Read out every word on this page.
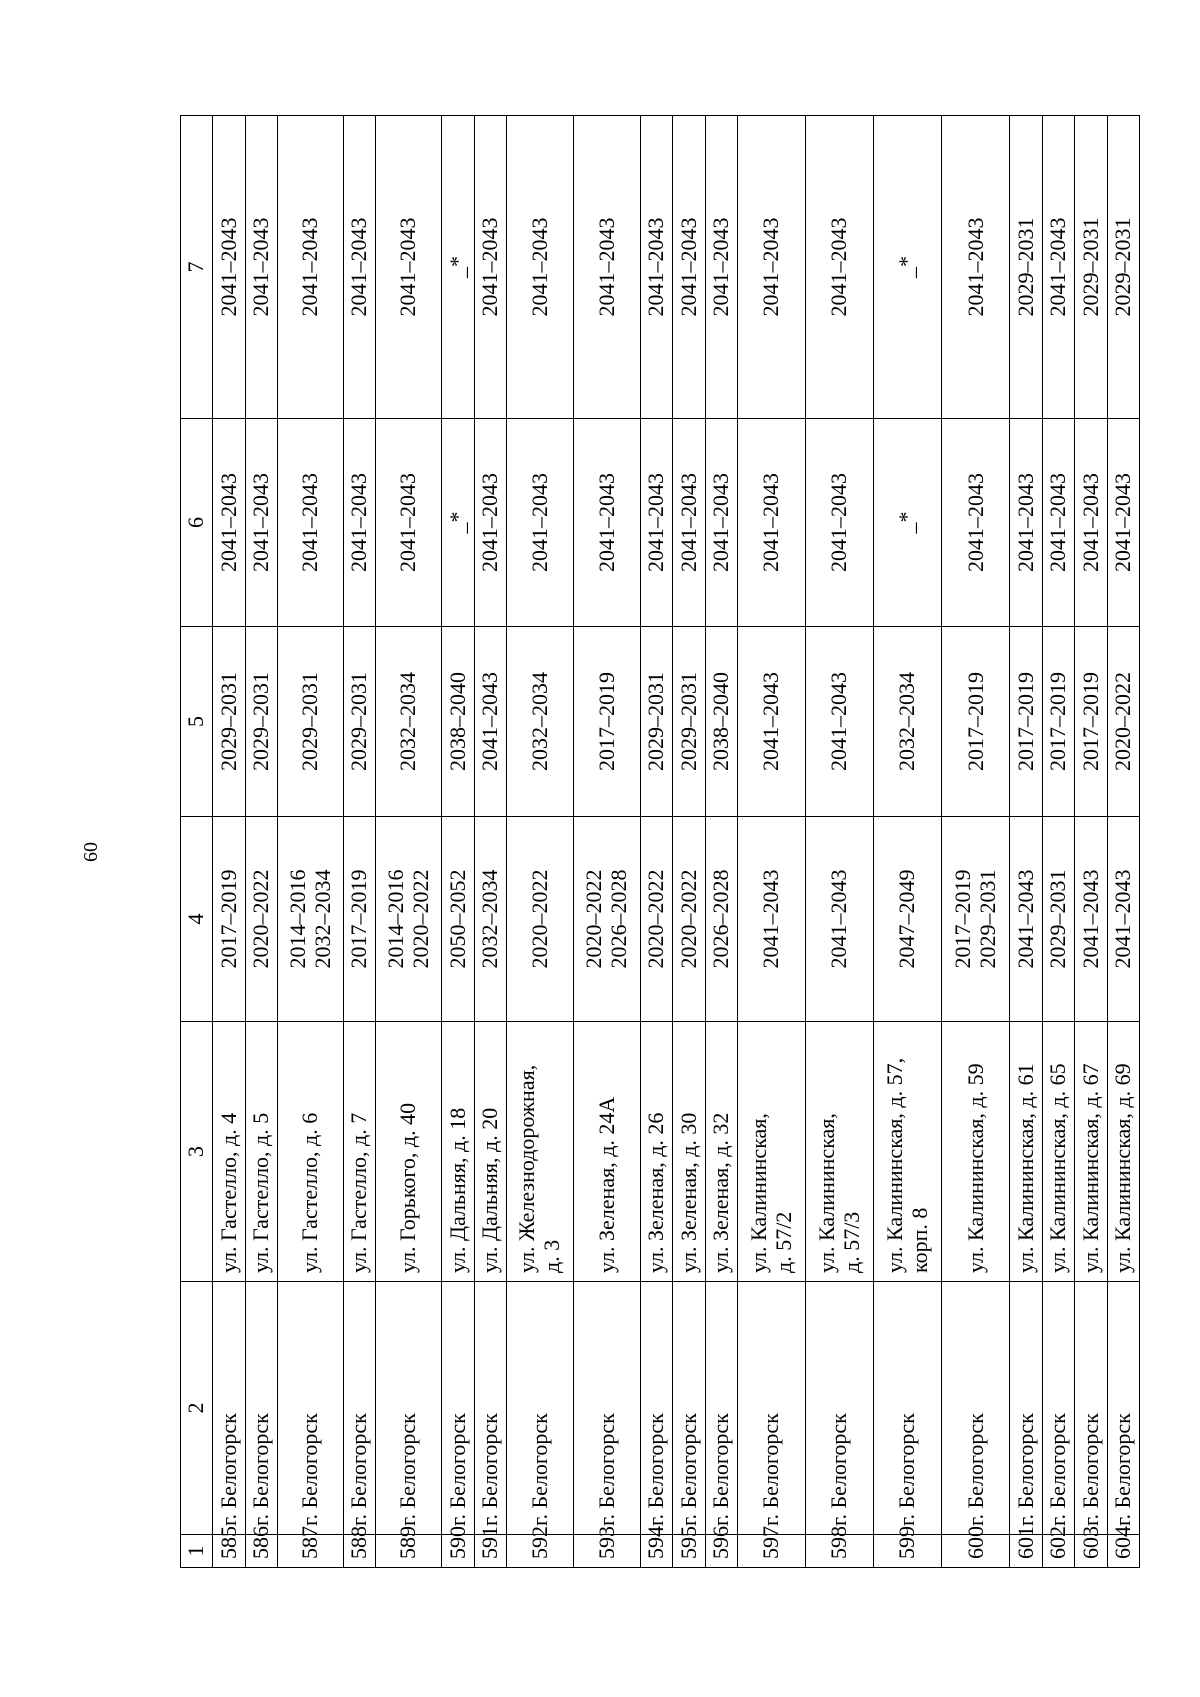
60
1	2	3	4	5	6	7
585	г. Белогорск	ул. Гастелло, д. 4	2017–2019	2029–2031	2041–2043	2041–2043
586	г. Белогорск	ул. Гастелло, д. 5	2020–2022	2029–2031	2041–2043	2041–2043
587	г. Белогорск	ул. Гастелло, д. 6	2014–2016
2032–2034	2029–2031	2041–2043	2041–2043
588	г. Белогорск	ул. Гастелло, д. 7	2017–2019	2029–2031	2041–2043	2041–2043
589	г. Белогорск	ул. Горького, д. 40	2014–2016
2020–2022	2032–2034	2041–2043	2041–2043
590	г. Белогорск	ул. Дальняя, д. 18	2050–2052	2038–2040	_*	_*
591	г. Белогорск	ул. Дальняя, д. 20	2032–2034	2041–2043	2041–2043	2041–2043
592	г. Белогорск	ул. Железнодорожная,
д. 3	2020–2022	2032–2034	2041–2043	2041–2043
593	г. Белогорск	ул. Зеленая, д. 24А	2020–2022
2026–2028	2017–2019	2041–2043	2041–2043
594	г. Белогорск	ул. Зеленая, д. 26	2020–2022	2029–2031	2041–2043	2041–2043
595	г. Белогорск	ул. Зеленая, д. 30	2020–2022	2029–2031	2041–2043	2041–2043
596	г. Белогорск	ул. Зеленая, д. 32	2026–2028	2038–2040	2041–2043	2041–2043
597	г. Белогорск	ул. Калининская,
д. 57/2	2041–2043	2041–2043	2041–2043	2041–2043
598	г. Белогорск	ул. Калининская,
д. 57/3	2041–2043	2041–2043	2041–2043	2041–2043
599	г. Белогорск	ул. Калининская, д. 57,
корп. 8	2047–2049	2032–2034	_*	_*
600	г. Белогорск	ул. Калининская, д. 59	2017–2019
2029–2031	2017–2019	2041–2043	2041–2043
601	г. Белогорск	ул. Калининская, д. 61	2041–2043	2017–2019	2041–2043	2029–2031
602	г. Белогорск	ул. Калининская, д. 65	2029–2031	2017–2019	2041–2043	2041–2043
603	г. Белогорск	ул. Калининская, д. 67	2041–2043	2017–2019	2041–2043	2029–2031
604	г. Белогорск	ул. Калининская, д. 69	2041–2043	2020–2022	2041–2043	2029–2031
